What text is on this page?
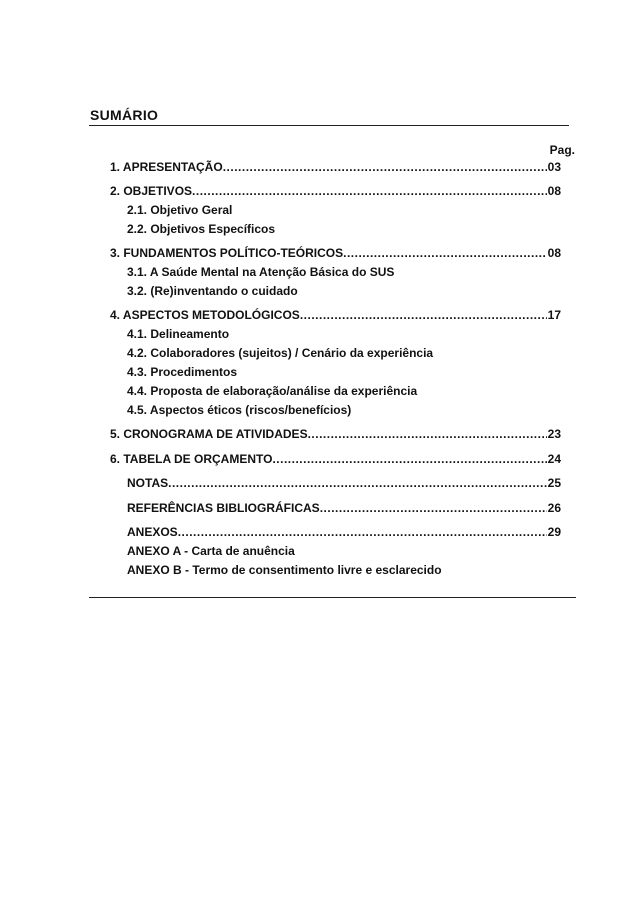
SUMÁRIO
Pag.
1. APRESENTAÇÃO .....	03
2. OBJETIVOS .....	08
2.1. Objetivo Geral
2.2. Objetivos Específicos
3. FUNDAMENTOS POLÍTICO-TEÓRICOS .....	08
3.1. A Saúde Mental na Atenção Básica do SUS
3.2. (Re)inventando o cuidado
4. ASPECTOS METODOLÓGICOS .....	17
4.1. Delineamento
4.2. Colaboradores (sujeitos) / Cenário da experiência
4.3. Procedimentos
4.4. Proposta de elaboração/análise da experiência
4.5. Aspectos éticos (riscos/benefícios)
5. CRONOGRAMA DE ATIVIDADES .....	23
6. TABELA DE ORÇAMENTO .....	24
NOTAS .....	25
REFERÊNCIAS BIBLIOGRÁFICAS .....	26
ANEXOS .....	29
ANEXO A - Carta de anuência
ANEXO B - Termo de consentimento livre e esclarecido
